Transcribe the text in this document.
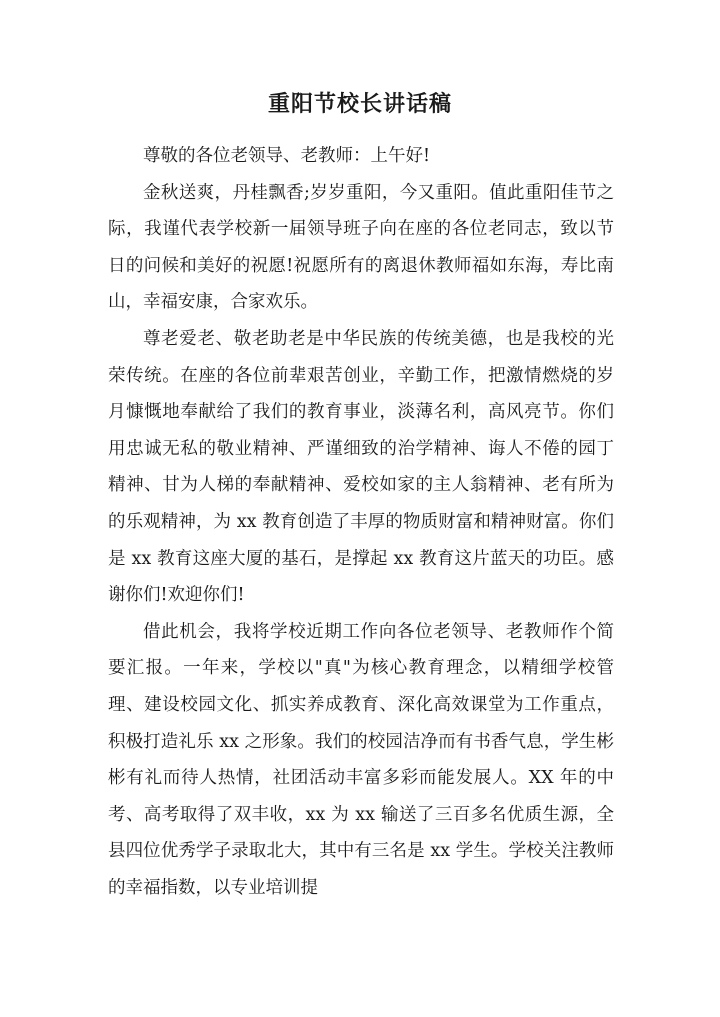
重阳节校长讲话稿

尊敬的各位老领导、老教师：上午好!

金秋送爽，丹桂飘香;岁岁重阳，今又重阳。值此重阳佳节之际，我谨代表学校新一届领导班子向在座的各位老同志，致以节日的问候和美好的祝愿!祝愿所有的离退休教师福如东海，寿比南山，幸福安康，合家欢乐。

尊老爱老、敬老助老是中华民族的传统美德，也是我校的光荣传统。在座的各位前辈艰苦创业，辛勤工作，把激情燃烧的岁月慷慨地奉献给了我们的教育事业，淡薄名利，高风亮节。你们用忠诚无私的敬业精神、严谨细致的治学精神、诲人不倦的园丁精神、甘为人梯的奉献精神、爱校如家的主人翁精神、老有所为的乐观精神，为 xx 教育创造了丰厚的物质财富和精神财富。你们是 xx 教育这座大厦的基石，是撑起 xx 教育这片蓝天的功臣。感谢你们!欢迎你们!

借此机会，我将学校近期工作向各位老领导、老教师作个简要汇报。一年来，学校以"真"为核心教育理念，以精细学校管理、建设校园文化、抓实养成教育、深化高效课堂为工作重点，积极打造礼乐 xx 之形象。我们的校园洁净而有书香气息，学生彬彬有礼而待人热情，社团活动丰富多彩而能发展人。XX 年的中考、高考取得了双丰收，xx 为 xx 输送了三百多名优质生源，全县四位优秀学子录取北大，其中有三名是 xx 学生。学校关注教师的幸福指数，以专业培训提
